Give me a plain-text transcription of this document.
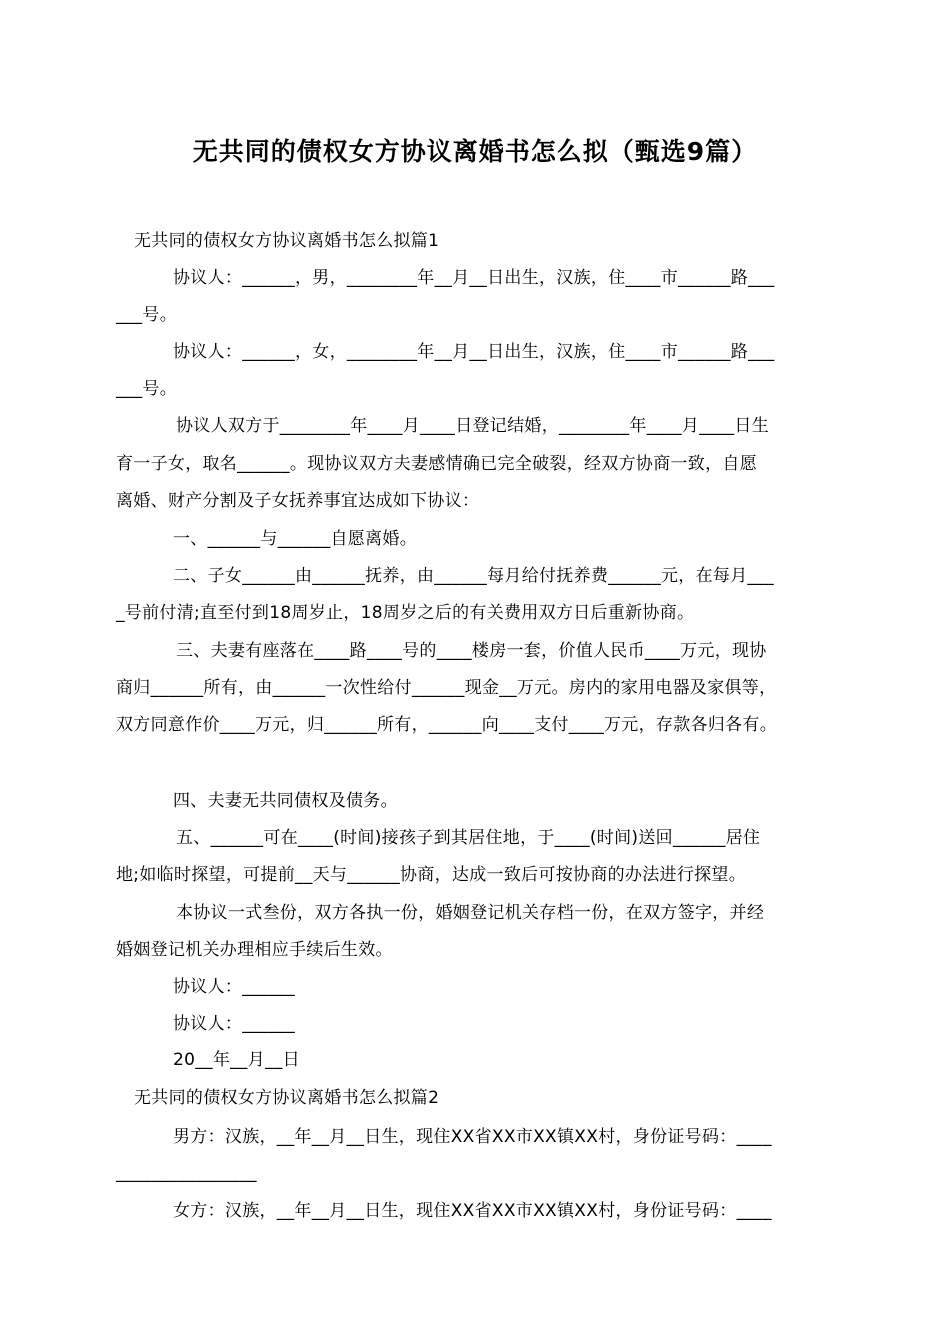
无共同的债权女方协议离婚书怎么拟（甄选9篇）
无共同的债权女方协议离婚书怎么拟篇1
协议人：______，男，________年__月__日出生，汉族，住____市______路___
___号。
协议人：______，女，________年__月__日出生，汉族，住____市______路___
___号。
协议人双方于________年____月____日登记结婚，________年____月____日生
育一子女，取名______。现协议双方夫妻感情确已完全破裂，经双方协商一致，自愿
离婚、财产分割及子女抚养事宜达成如下协议：
一、______与______自愿离婚。
二、子女______由______抚养，由______每月给付抚养费______元，在每月___
_号前付清;直至付到18周岁止，18周岁之后的有关费用双方日后重新协商。
三、夫妻有座落在____路____号的____楼房一套，价值人民币____万元，现协
商归______所有，由______一次性给付______现金__万元。房内的家用电器及家俱等，
双方同意作价____万元，归______所有，______向____支付____万元，存款各归各有。
四、夫妻无共同债权及债务。
五、______可在____(时间)接孩子到其居住地，于____(时间)送回______居住
地;如临时探望，可提前__天与______协商，达成一致后可按协商的办法进行探望。
本协议一式叁份，双方各执一份，婚姻登记机关存档一份，在双方签字，并经
婚姻登记机关办理相应手续后生效。
协议人：______
协议人：______
20__年__月__日
无共同的债权女方协议离婚书怎么拟篇2
男方：汉族，__年__月__日生，现住XX省XX市XX镇XX村，身份证号码：____
________________
女方：汉族，__年__月__日生，现住XX省XX市XX镇XX村，身份证号码：____
